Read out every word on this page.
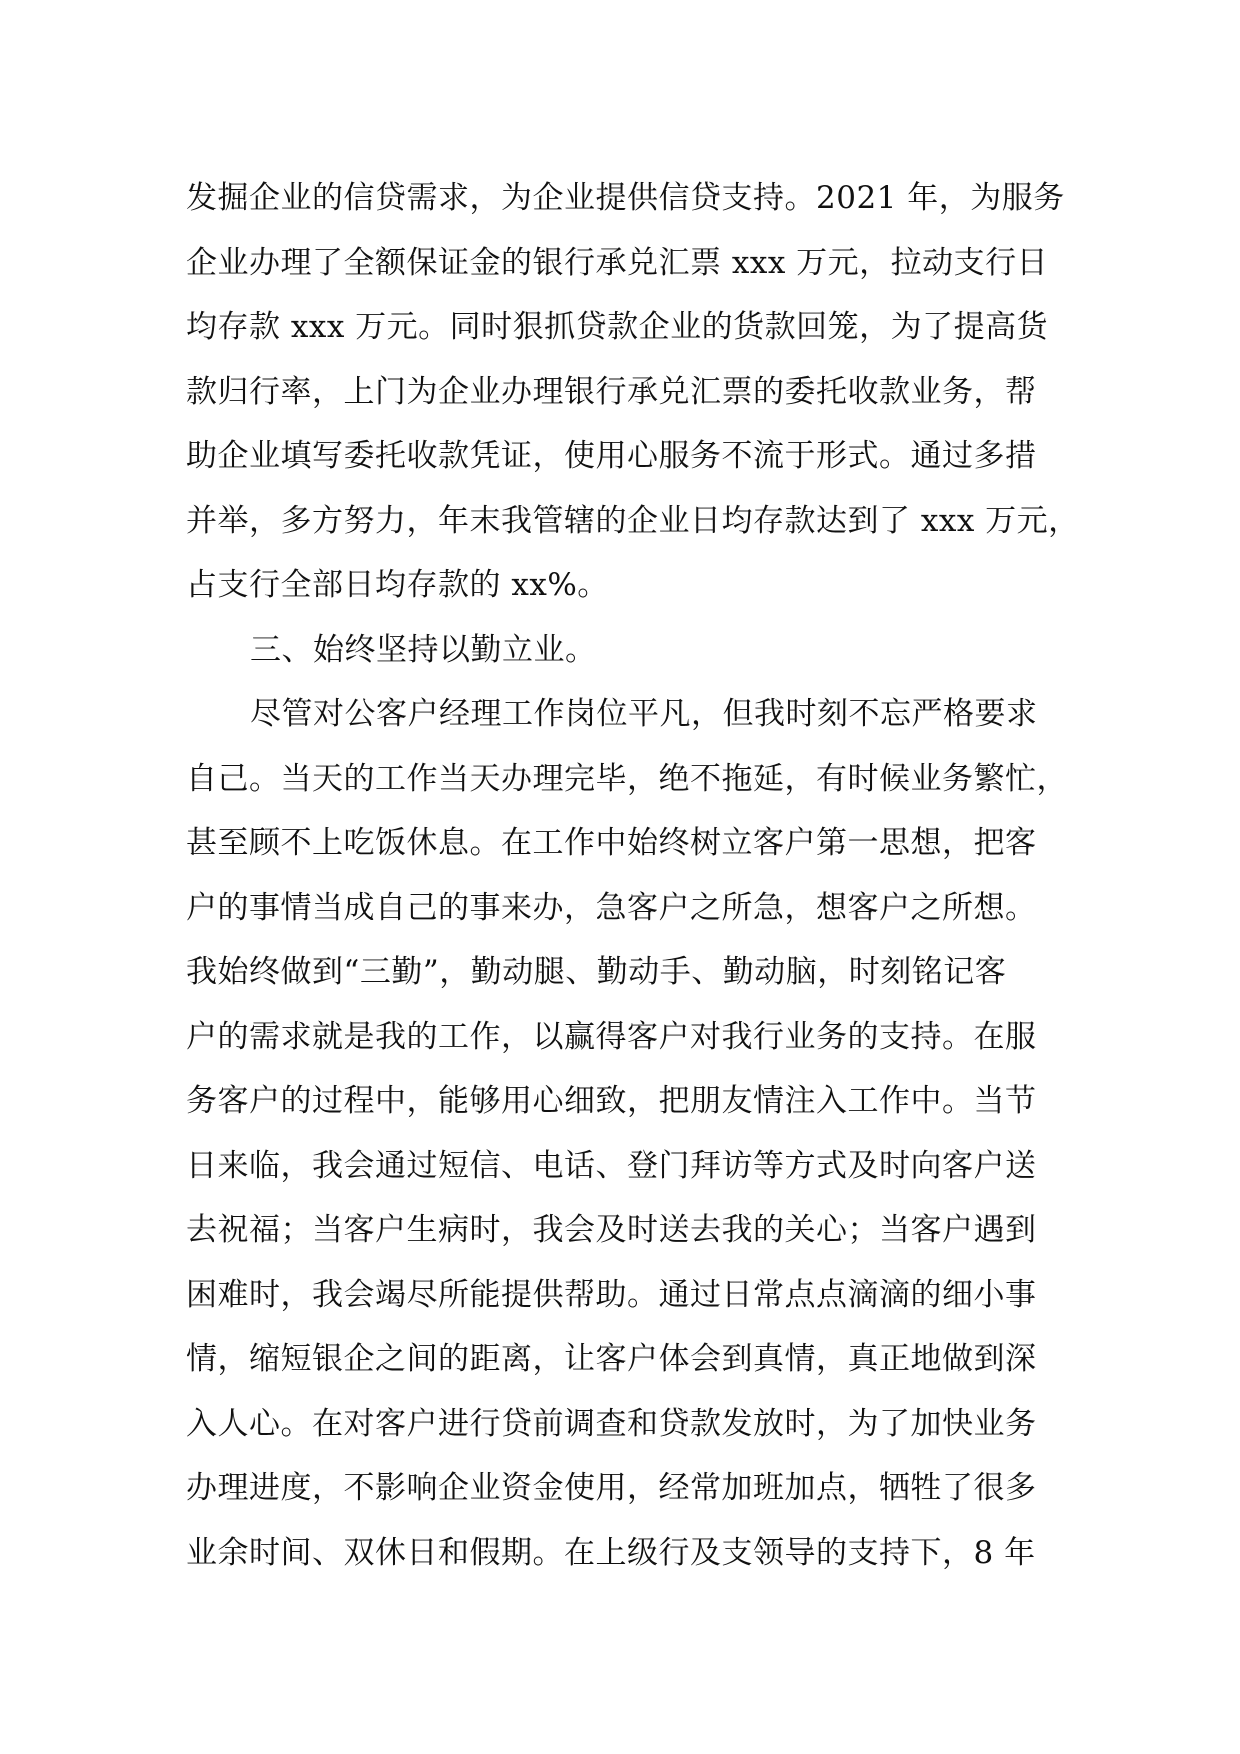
发掘企业的信贷需求，为企业提供信贷支持。2021 年，为服务
企业办理了全额保证金的银行承兑汇票 xxx 万元，拉动支行日
均存款 xxx 万元。同时狠抓贷款企业的货款回笼，为了提高货
款归行率，上门为企业办理银行承兑汇票的委托收款业务，帮
助企业填写委托收款凭证，使用心服务不流于形式。通过多措
并举，多方努力，年末我管辖的企业日均存款达到了 xxx 万元，
占支行全部日均存款的 xx%。
三、始终坚持以勤立业。
尽管对公客户经理工作岗位平凡，但我时刻不忘严格要求
自己。当天的工作当天办理完毕，绝不拖延，有时候业务繁忙，
甚至顾不上吃饭休息。在工作中始终树立客户第一思想，把客
户的事情当成自己的事来办，急客户之所急，想客户之所想。
我始终做到“三勤”，勤动腿、勤动手、勤动脑，时刻铭记客
户的需求就是我的工作，以赢得客户对我行业务的支持。在服
务客户的过程中，能够用心细致，把朋友情注入工作中。当节
日来临，我会通过短信、电话、登门拜访等方式及时向客户送
去祝福；当客户生病时，我会及时送去我的关心；当客户遇到
困难时，我会竭尽所能提供帮助。通过日常点点滴滴的细小事
情，缩短银企之间的距离，让客户体会到真情，真正地做到深
入人心。在对客户进行贷前调查和贷款发放时，为了加快业务
办理进度，不影响企业资金使用，经常加班加点，牺牲了很多
业余时间、双休日和假期。在上级行及支领导的支持下，8 年
